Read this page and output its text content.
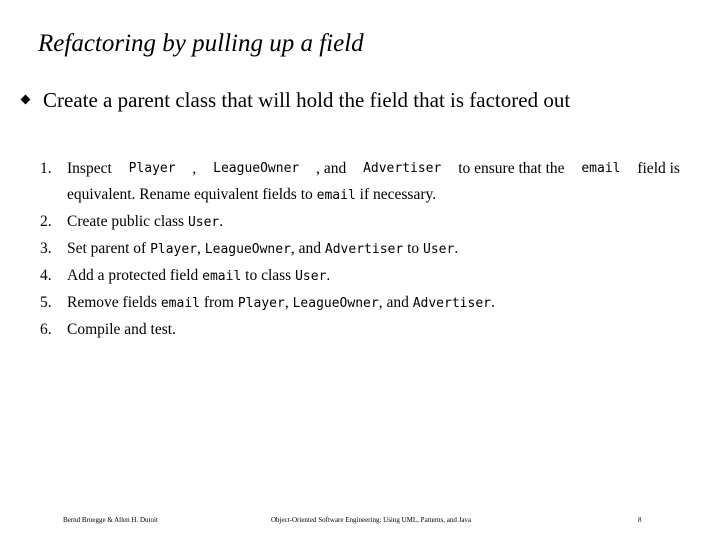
Refactoring by pulling up a field
Create a parent class that will hold the field that is factored out
1. Inspect Player , LeagueOwner , and Advertiser to ensure that the email field is
equivalent. Rename equivalent fields to email if necessary.
2. Create public class User.
3. Set parent of Player, LeagueOwner, and Advertiser to User.
4. Add a protected field email to class User.
5. Remove fields email from Player, LeagueOwner, and Advertiser.
6. Compile and test.
Bernd Bruegge & Allen H. Dutoit	Object-Oriented Software Engineering: Using UML, Patterns, and Java	8
